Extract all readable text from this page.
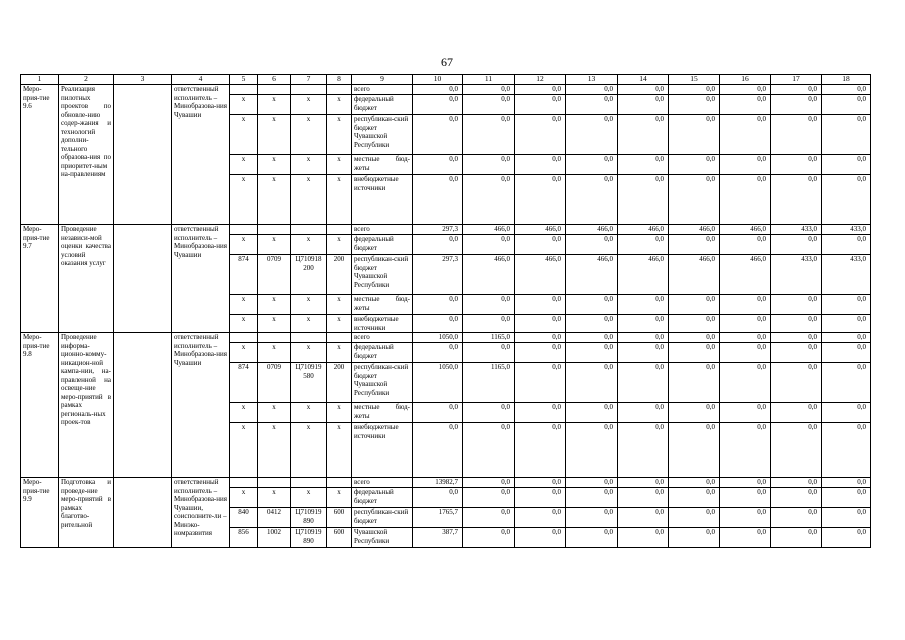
67
1	2	3	4	5	6	7	8	9	10	11	12	13	14	15	16	17	18
Меро-прия-тие 9.6	Реализация пилотных проектов по обновле-нию содер-жания и технологий дополни-тельного образова-ния по приоритет-ным на-правлениям		ответственный исполнитель – Минобразова-ния Чувашии					всего	0,0	0,0	0,0	0,0	0,0	0,0	0,0	0,0	0,0
				x	x	x	x	федеральный бюджет	0,0	0,0	0,0	0,0	0,0	0,0	0,0	0,0	0,0
				x	x	x	x	республикан-ский бюджет Чувашской Республики	0,0	0,0	0,0	0,0	0,0	0,0	0,0	0,0	0,0
				x	x	x	x	местные бюд-жеты	0,0	0,0	0,0	0,0	0,0	0,0	0,0	0,0	0,0
				x	x	x	x	внебюджетные источники	0,0	0,0	0,0	0,0	0,0	0,0	0,0	0,0	0,0
Меро-прия-тие 9.7	Проведение независи-мой оценки качества условий оказания услуг		ответственный исполнитель – Минобразова-ния Чувашии					всего	297,3	466,0	466,0	466,0	466,0	466,0	466,0	433,0	433,0
				x	x	x	x	федеральный бюджет	0,0	0,0	0,0	0,0	0,0	0,0	0,0	0,0	0,0
				874	0709	Ц710918 200	200	республикан-ский бюджет Чувашской Республики	297,3	466,0	466,0	466,0	466,0	466,0	466,0	433,0	433,0
				x	x	x	x	местные бюд-жеты	0,0	0,0	0,0	0,0	0,0	0,0	0,0	0,0	0,0
				x	x	x	x	внебюджетные источники	0,0	0,0	0,0	0,0	0,0	0,0	0,0	0,0	0,0
Меро-прия-тие 9.8	Проведение информа-ционно-комму-никацион-ной кампа-нии, на-правленной на освеще-ние меро-приятий в рамках региональ-ных проек-тов		ответственный исполнитель – Минобразова-ния Чувашии					всего	1050,0	1165,0	0,0	0,0	0,0	0,0	0,0	0,0	0,0
				x	x	x	x	федеральный бюджет	0,0	0,0	0,0	0,0	0,0	0,0	0,0	0,0	0,0
				874	0709	Ц710919 580	200	республикан-ский бюджет Чувашской Республики	1050,0	1165,0	0,0	0,0	0,0	0,0	0,0	0,0	0,0
				x	x	x	x	местные бюд-жеты	0,0	0,0	0,0	0,0	0,0	0,0	0,0	0,0	0,0
				x	x	x	x	внебюджетные источники	0,0	0,0	0,0	0,0	0,0	0,0	0,0	0,0	0,0
Меро-прия-тие 9.9	Подготовка и проведе-ние меро-приятий в рамках благотво-рительной		ответственный исполнитель – Минобразова-ния Чувашии, соисполните-ли – Минэко-номразвития					всего	13982,7	0,0	0,0	0,0	0,0	0,0	0,0	0,0	0,0
				x	x	x	x	федеральный бюджет	0,0	0,0	0,0	0,0	0,0	0,0	0,0	0,0	0,0
				840	0412	Ц710919 890	600	республикан-ский бюджет	1765,7	0,0	0,0	0,0	0,0	0,0	0,0	0,0	0,0
				856	1002	Ц710919 890	600	Чувашской Республики	387,7	0,0	0,0	0,0	0,0	0,0	0,0	0,0	0,0
